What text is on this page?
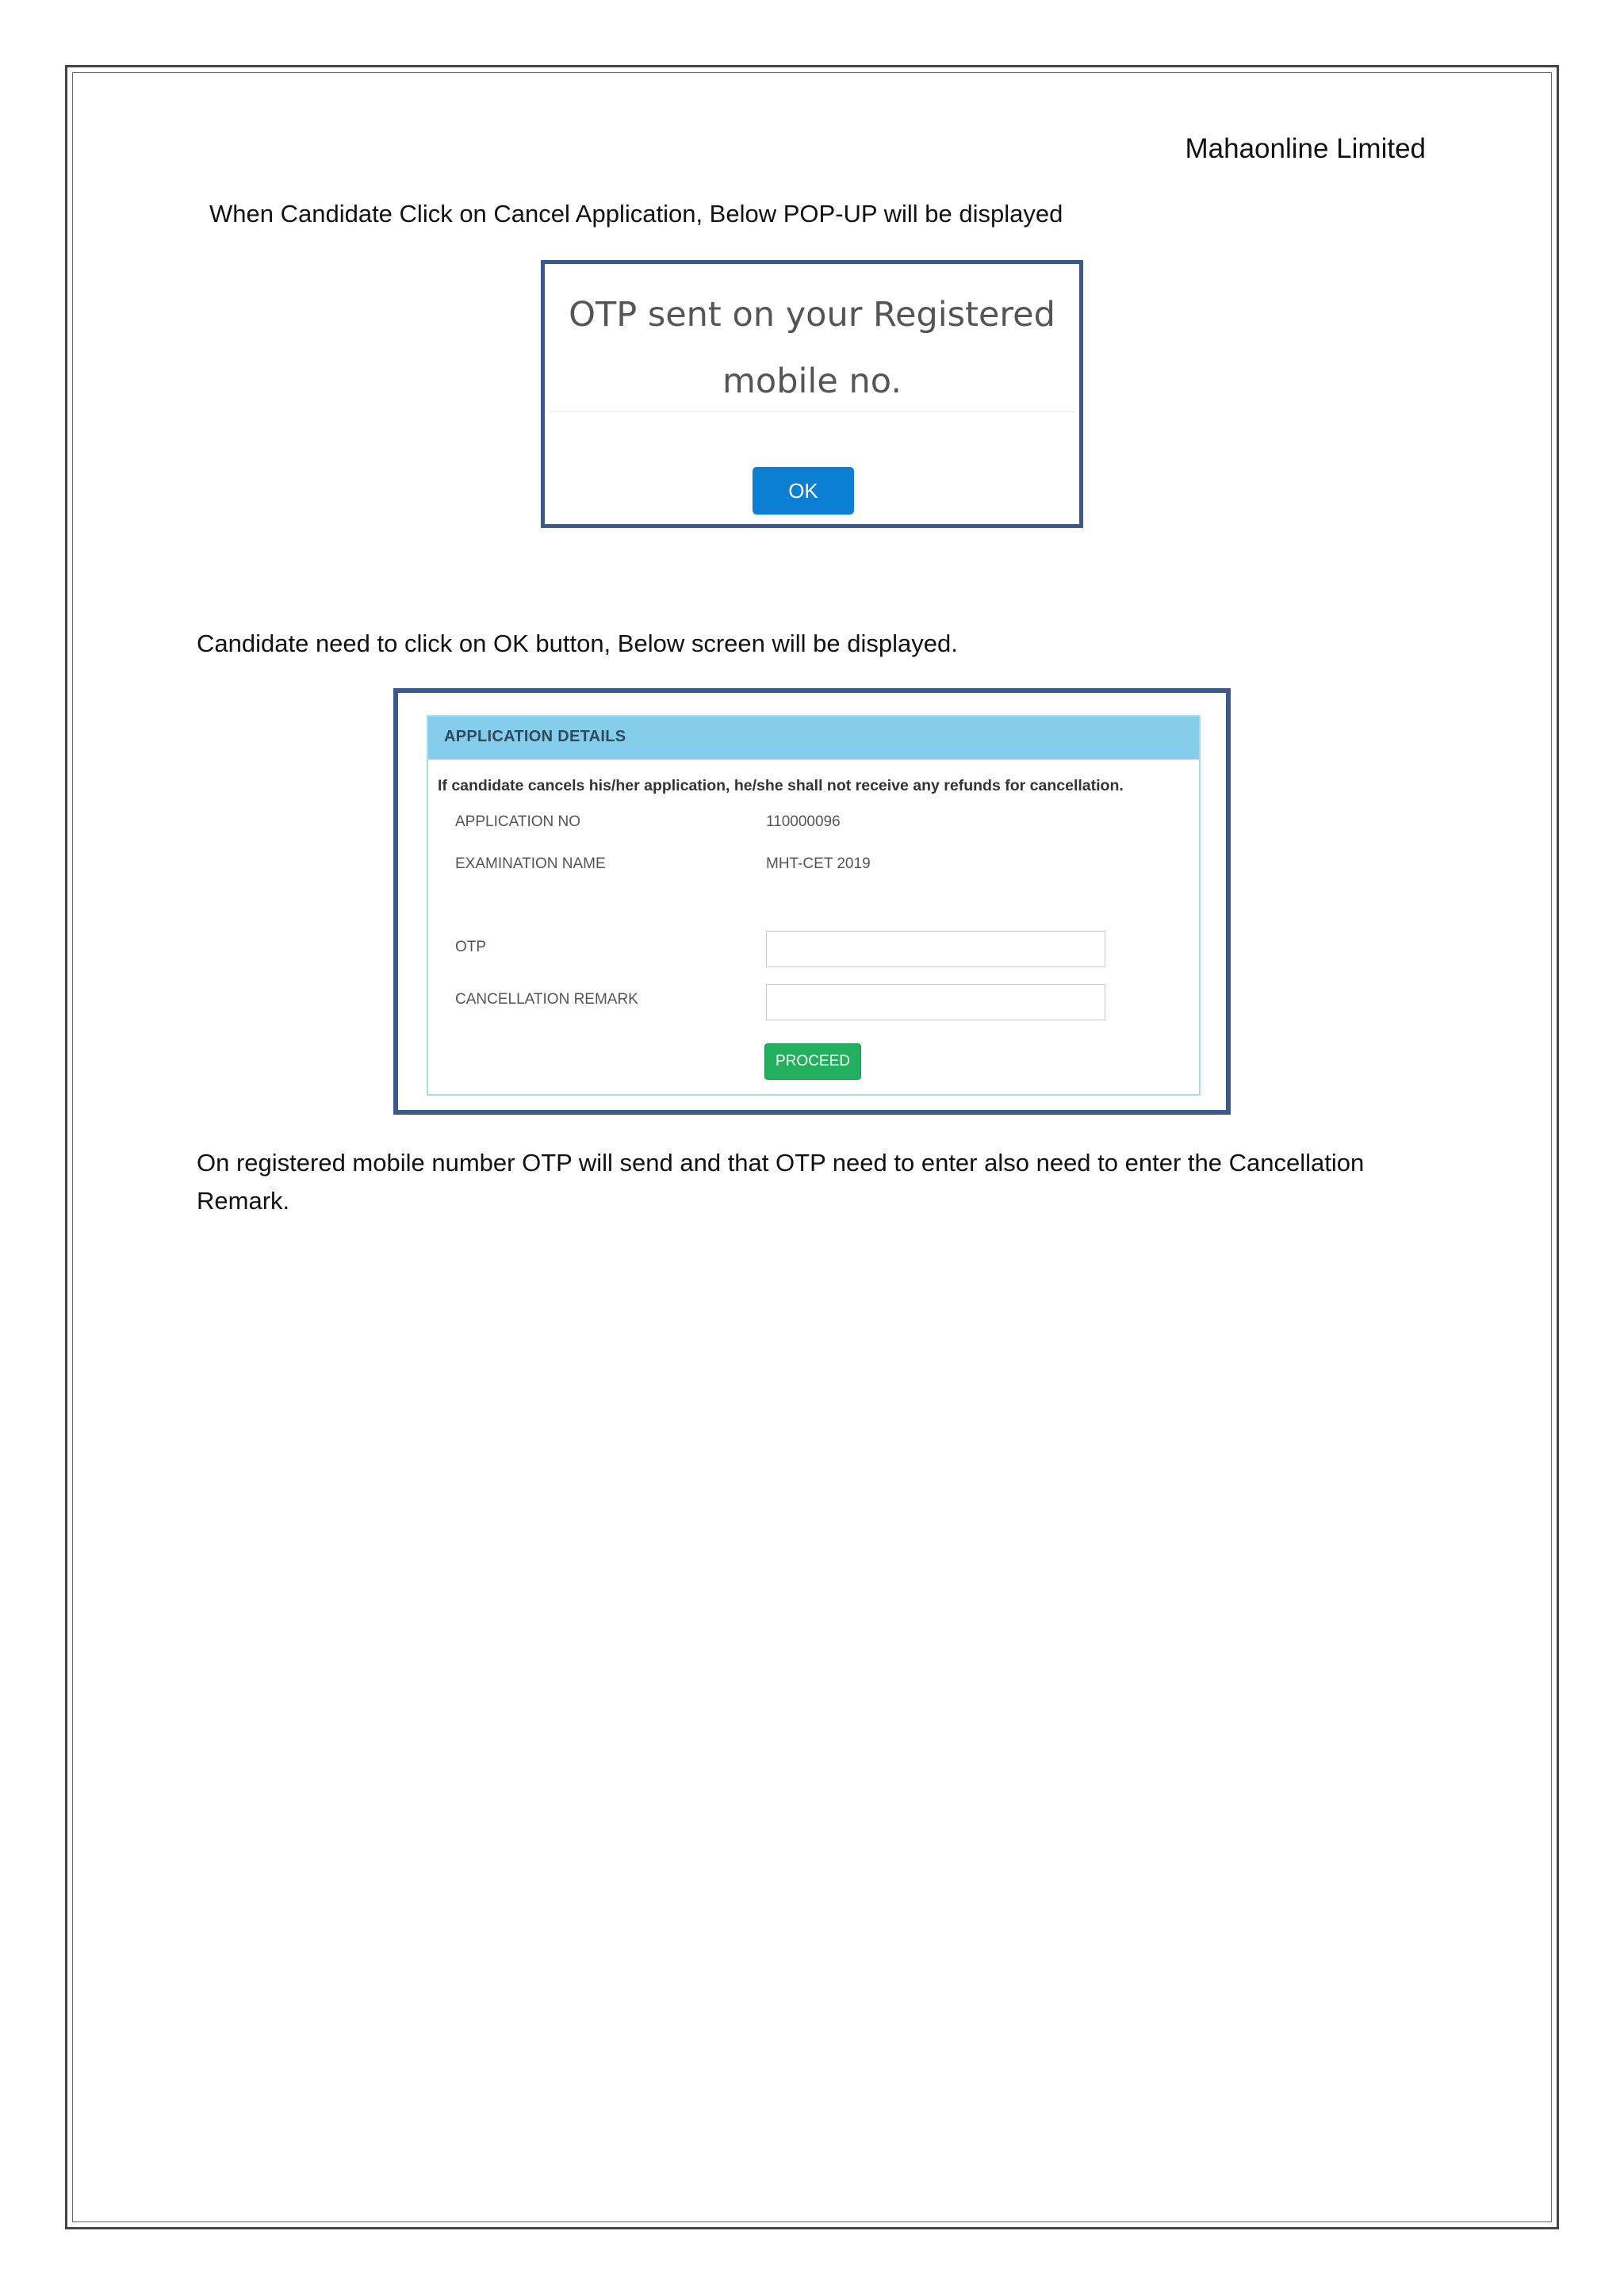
Mahaonline Limited

When Candidate Click on Cancel Application, Below POP-UP will be displayed

OTP sent on your Registered
mobile no.
OK

Candidate need to click on OK button, Below screen will be displayed.

APPLICATION DETAILS
If candidate cancels his/her application, he/she shall not receive any refunds for cancellation.
APPLICATION NO	110000096
EXAMINATION NAME	MHT-CET 2019
OTP
CANCELLATION REMARK
PROCEED

On registered mobile number OTP will send and that OTP need to enter also need to enter the Cancellation Remark.
